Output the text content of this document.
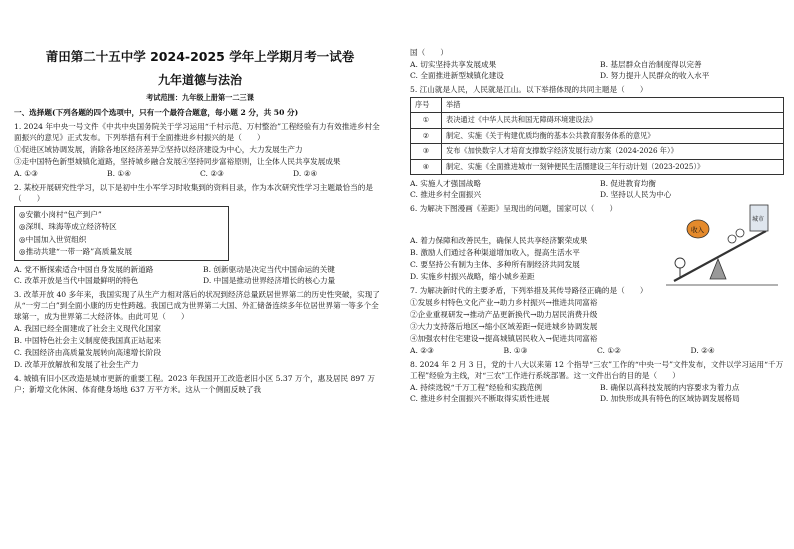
莆田第二十五中学 2024-2025 学年上学期月考一试卷
九年道德与法治
考试范围：九年级上册第一二三课

一、选择题(下列各题的四个选项中，只有一个最符合题意，每小题 2 分，共 50 分)

1. 2024 年中央一号文件《中共中央国务院关于学习运用“千村示范、万村整治”工程经验有力有效推进乡村全面振兴的意见》正式发布。下列举措有利于全面推进乡村振兴的是（　　）

①促进区域协调发展，消除各地区经济差异②坚持以经济建设为中心，大力发展生产力

③走中国特色新型城镇化道路，坚持城乡融合发展④坚持同步富裕原则，让全体人民共享发展成果

A. ①③	B. ①④	C. ②③	D. ②④

2. 某校开展研究性学习，以下是初中生小军学习时收集到的资料目录，作为本次研究性学习主题最恰当的是（　　）

◎安徽小岗村“包产到户”
◎深圳、珠海等成立经济特区
◎中国加入世贸组织
◎推动共建“一带一路”高质量发展
A. 党不断探索适合中国自身发展的新道路	B. 创新驱动是决定当代中国命运的关键
C. 改革开放是当代中国最鲜明的特色	D. 中国是推动世界经济增长的核心力量

3. 改革开放 40 多年来，我国实现了从生产力相对落后的状况到经济总量跃居世界第二的历史性突破，实现了从“一穷二白”到全面小康的历史性跨越。我国已成为世界第二大国、外汇储备连续多年位居世界第一等多个全球第一，成为世界第二大经济体。由此可见（　　）

A. 我国已经全面建成了社会主义现代化国家

B. 中国特色社会主义制度使我国真正站起来

C. 我国经济由高质量发展转向高速增长阶段

D. 改革开放解放和发展了社会生产力

4. 城镇有旧小区改造是城市更新的重要工程。2023 年我国开工改造老旧小区 5.37 万个，惠及居民 897 万户；新增文化休闲、体育健身场地 637 万平方米。这从一个侧面反映了我

国（　　）

A. 切实坚持共享发展成果	B. 基层群众自治制度得以完善
C. 全面推进新型城镇化建设	D. 努力提升人民群众的收入水平

5. 江山就是人民，人民就是江山。以下举措体现的共同主题是（　　）

序号	举措
①	表决通过《中华人民共和国无障碍环境建设法》
②	制定、实施《关于构建优质均衡的基本公共教育服务体系的意见》
③	发布《加快数字人才培育支撑数字经济发展行动方案（2024-2026 年）》
④	制定、实施《全面推进城市一刻钟便民生活圈建设三年行动计划（2023-2025）》
A. 实施人才强国战略	B. 促进教育均衡
C. 推进乡村全面振兴	D. 坚持以人民为中心

6. 为解决下图漫画《差距》呈现出的问题，国家可以（　　）

收入
城市

A. 着力保障和改善民生，确保人民共享经济繁荣成果

B. 激励人们通过各种渠道增加收入，提高生活水平

C. 要坚持公有制为主体、多种所有制经济共同发展

D. 实施乡村振兴战略，缩小城乡差距

7. 为解决新时代的主要矛盾，下列举措及其传导路径正确的是（　　）

①发展乡村特色文化产业→助力乡村振兴→推进共同富裕

②企业重视研发→推动产品更新换代→助力居民消费升级

③大力支持落后地区→缩小区域差距→促进城乡协调发展

④加强农村住宅建设→提高城镇居民收入→促进共同富裕

A. ②③	B. ①③	C. ①②	D. ②④

8. 2024 年 2 月 3 日，党的十八大以来第 12 个指导“三农”工作的“中央一号”文件发布，文件以学习运用“千万工程”经验为主线，对“三农”工作进行系统部署。这一文件出台的目的是（　　）

A. 持续选锐“千万工程”经验和实践范例	B. 确保以高科技发展的内容要求为着力点
C. 推进乡村全面振兴不断取得实质性进展	D. 加快形成具有特色的区域协调发展格局
